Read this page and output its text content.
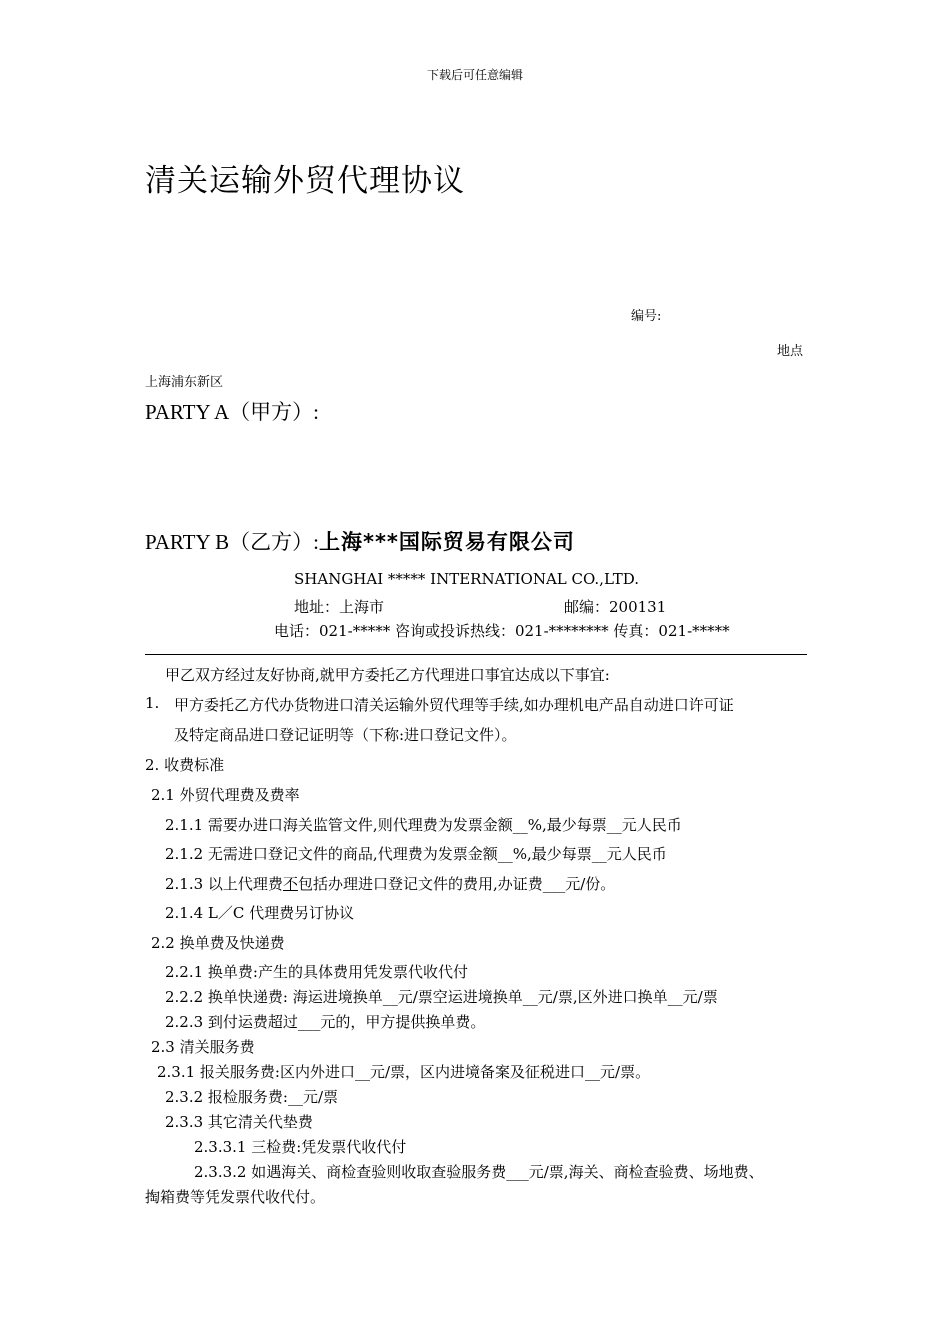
下载后可任意编辑
清关运输外贸代理协议
编号:
地点
上海浦东新区
PARTY A（甲方）:
PARTY B（乙方）:上海***国际贸易有限公司
SHANGHAI ***** INTERNATIONAL CO.,LTD.
地址：上海市	邮编：200131
电话：021-***** 咨询或投诉热线：021-******** 传真：021-*****
甲乙双方经过友好协商,就甲方委托乙方代理进口事宜达成以下事宜:
1. 甲方委托乙方代办货物进口清关运输外贸代理等手续,如办理机电产品自动进口许可证
及特定商品进口登记证明等（下称:进口登记文件）。
2. 收费标准
2.1 外贸代理费及费率
2.1.1 需要办进口海关监管文件,则代理费为发票金额__%,最少每票__元人民币
2.1.2 无需进口登记文件的商品,代理费为发票金额__%,最少每票__元人民币
2.1.3 以上代理费不包括办理进口登记文件的费用,办证费___元/份。
2.1.4 L／C 代理费另订协议
2.2 换单费及快递费
2.2.1 换单费:产生的具体费用凭发票代收代付
2.2.2 换单快递费: 海运进境换单__元/票空运进境换单__元/票,区外进口换单__元/票
2.2.3 到付运费超过___元的，甲方提供换单费。
2.3 清关服务费
2.3.1 报关服务费:区内外进口__元/票，区内进境备案及征税进口__元/票。
2.3.2 报检服务费:__元/票
2.3.3 其它清关代垫费
2.3.3.1 三检费:凭发票代收代付
2.3.3.2 如遇海关、商检查验则收取查验服务费___元/票,海关、商检查验费、场地费、
掏箱费等凭发票代收代付。
